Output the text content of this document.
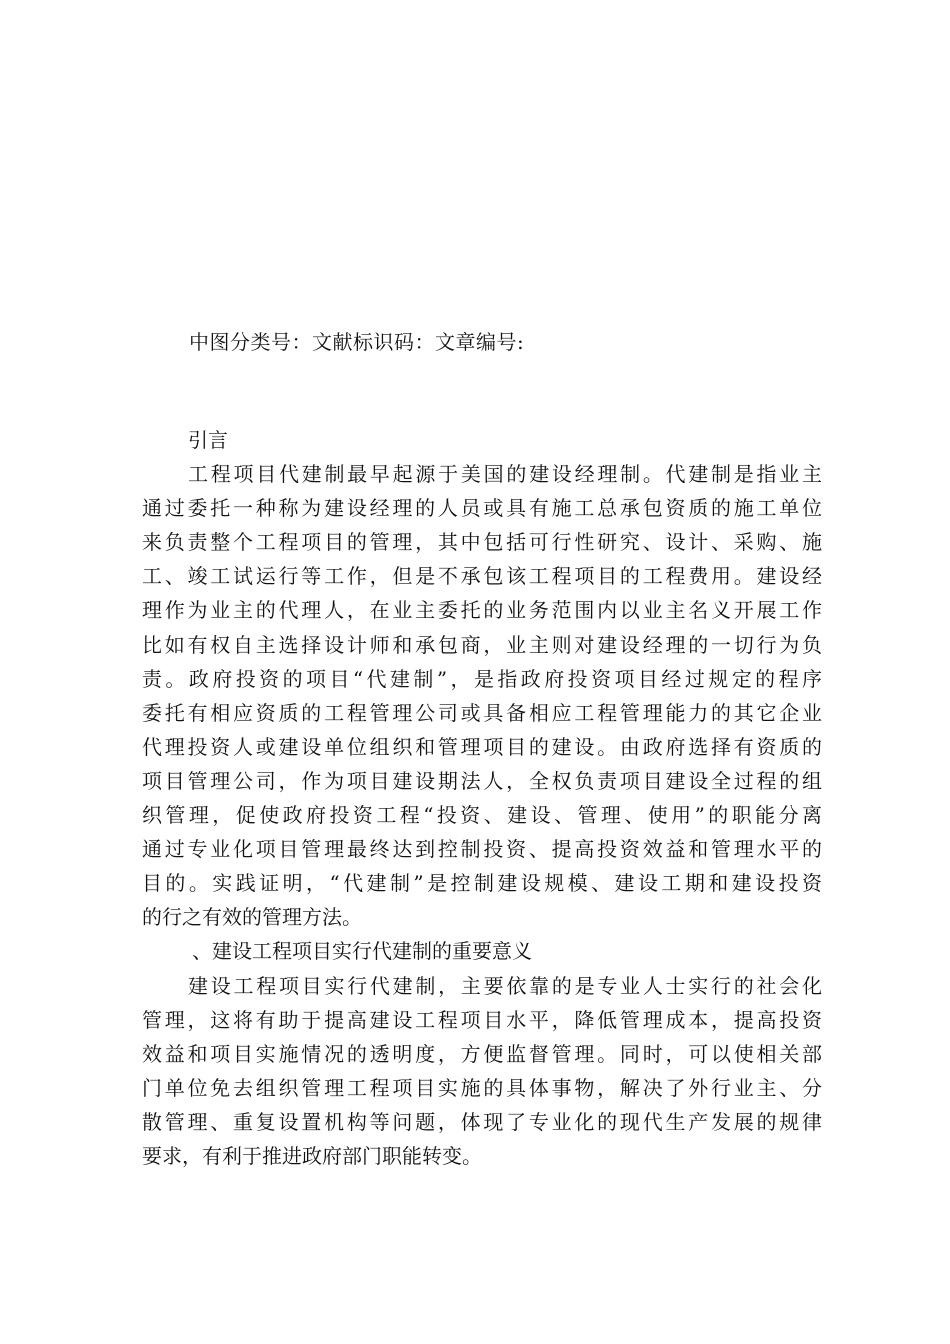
中图分类号：文献标识码：文章编号:
引言
工程项目代建制最早起源于美国的建设经理制。代建制是指业主
通过委托一种称为建设经理的人员或具有施工总承包资质的施工单位
来负责整个工程项目的管理，其中包括可行性研究、设计、采购、施
工、竣工试运行等工作，但是不承包该工程项目的工程费用。建设经
理作为业主的代理人，在业主委托的业务范围内以业主名义开展工作
比如有权自主选择设计师和承包商，业主则对建设经理的一切行为负
责。政府投资的项目“代建制”，是指政府投资项目经过规定的程序
委托有相应资质的工程管理公司或具备相应工程管理能力的其它企业
代理投资人或建设单位组织和管理项目的建设。由政府选择有资质的
项目管理公司，作为项目建设期法人，全权负责项目建设全过程的组
织管理，促使政府投资工程“投资、建设、管理、使用”的职能分离
通过专业化项目管理最终达到控制投资、提高投资效益和管理水平的
目的。实践证明，“代建制”是控制建设规模、建设工期和建设投资
的行之有效的管理方法。
、建设工程项目实行代建制的重要意义
建设工程项目实行代建制，主要依靠的是专业人士实行的社会化
管理，这将有助于提高建设工程项目水平，降低管理成本，提高投资
效益和项目实施情况的透明度，方便监督管理。同时，可以使相关部
门单位免去组织管理工程项目实施的具体事物，解决了外行业主、分
散管理、重复设置机构等问题，体现了专业化的现代生产发展的规律
要求，有利于推进政府部门职能转变。
